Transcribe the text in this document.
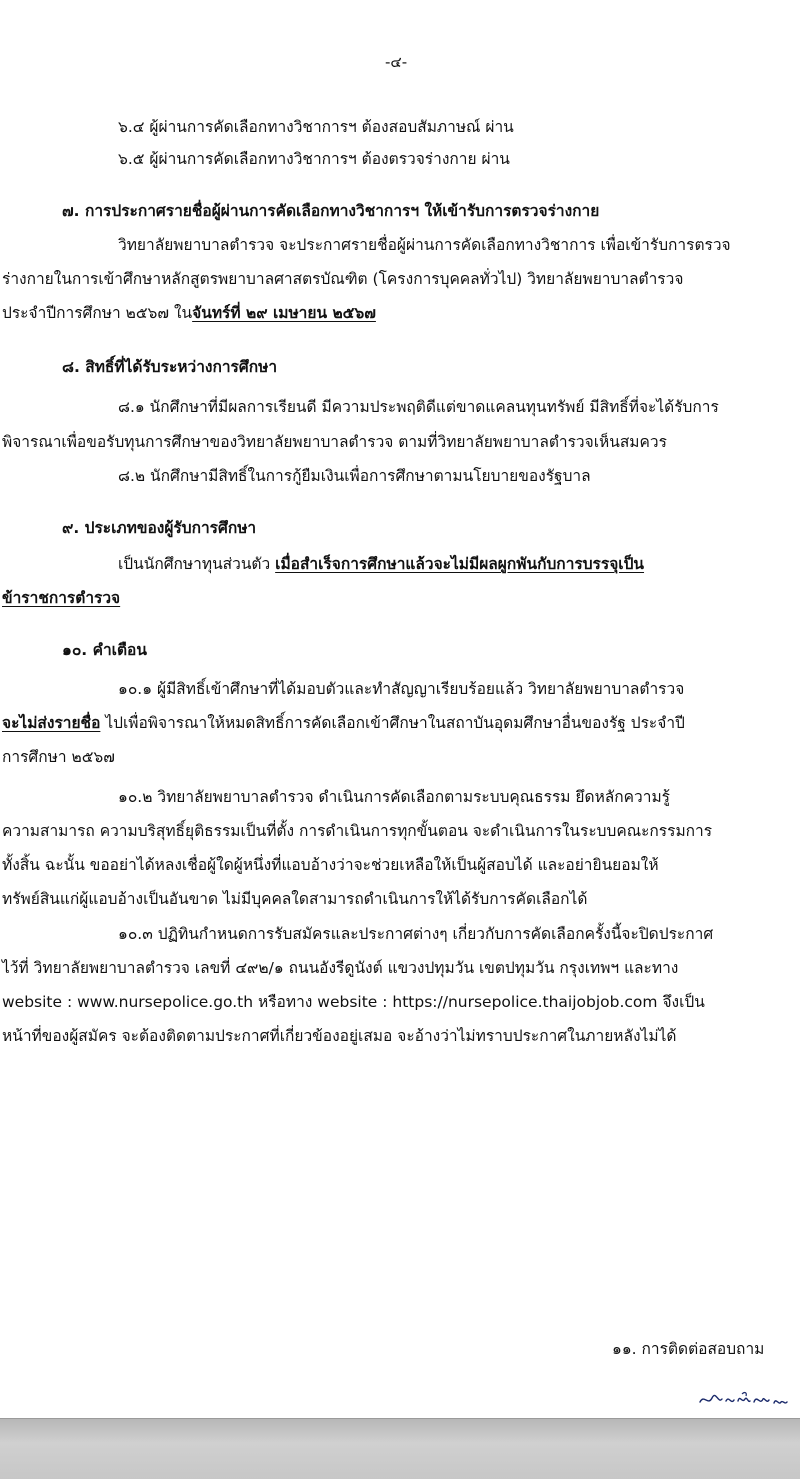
-๔-
๖.๔ ผู้ผ่านการคัดเลือกทางวิชาการฯ ต้องสอบสัมภาษณ์ ผ่าน
๖.๕ ผู้ผ่านการคัดเลือกทางวิชาการฯ ต้องตรวจร่างกาย ผ่าน
๗. การประกาศรายชื่อผู้ผ่านการคัดเลือกทางวิชาการฯ ให้เข้ารับการตรวจร่างกาย
วิทยาลัยพยาบาลตำรวจ จะประกาศรายชื่อผู้ผ่านการคัดเลือกทางวิชาการ เพื่อเข้ารับการตรวจ
ร่างกายในการเข้าศึกษาหลักสูตรพยาบาลศาสตรบัณฑิต (โครงการบุคคลทั่วไป) วิทยาลัยพยาบาลตำรวจ
ประจำปีการศึกษา ๒๕๖๗ ในจันทร์ที่ ๒๙ เมษายน ๒๕๖๗
๘. สิทธิ์ที่ได้รับระหว่างการศึกษา
๘.๑ นักศึกษาที่มีผลการเรียนดี มีความประพฤติดีแต่ขาดแคลนทุนทรัพย์ มีสิทธิ์ที่จะได้รับการ
พิจารณาเพื่อขอรับทุนการศึกษาของวิทยาลัยพยาบาลตำรวจ ตามที่วิทยาลัยพยาบาลตำรวจเห็นสมควร
๘.๒ นักศึกษามีสิทธิ์ในการกู้ยืมเงินเพื่อการศึกษาตามนโยบายของรัฐบาล
๙. ประเภทของผู้รับการศึกษา
เป็นนักศึกษาทุนส่วนตัว เมื่อสำเร็จการศึกษาแล้วจะไม่มีผลผูกพันกับการบรรจุเป็น
ข้าราชการตำรวจ
๑๐. คำเตือน
๑๐.๑ ผู้มีสิทธิ์เข้าศึกษาที่ได้มอบตัวและทำสัญญาเรียบร้อยแล้ว วิทยาลัยพยาบาลตำรวจ
จะไม่ส่งรายชื่อ ไปเพื่อพิจารณาให้หมดสิทธิ์การคัดเลือกเข้าศึกษาในสถาบันอุดมศึกษาอื่นของรัฐ ประจำปี
การศึกษา ๒๕๖๗
๑๐.๒ วิทยาลัยพยาบาลตำรวจ ดำเนินการคัดเลือกตามระบบคุณธรรม ยึดหลักความรู้
ความสามารถ ความบริสุทธิ์ยุติธรรมเป็นที่ตั้ง การดำเนินการทุกขั้นตอน จะดำเนินการในระบบคณะกรรมการ
ทั้งสิ้น ฉะนั้น ขออย่าได้หลงเชื่อผู้ใดผู้หนึ่งที่แอบอ้างว่าจะช่วยเหลือให้เป็นผู้สอบได้ และอย่ายินยอมให้
ทรัพย์สินแก่ผู้แอบอ้างเป็นอันขาด ไม่มีบุคคลใดสามารถดำเนินการให้ได้รับการคัดเลือกได้
๑๐.๓ ปฏิทินกำหนดการรับสมัครและประกาศต่างๆ เกี่ยวกับการคัดเลือกครั้งนี้จะปิดประกาศ
ไว้ที่ วิทยาลัยพยาบาลตำรวจ เลขที่ ๔๙๒/๑ ถนนอังรีดูนังต์ แขวงปทุมวัน เขตปทุมวัน กรุงเทพฯ และทาง
website : www.nursepolice.go.th หรือทาง website : https://nursepolice.thaijobjob.com จึงเป็น
หน้าที่ของผู้สมัคร จะต้องติดตามประกาศที่เกี่ยวข้องอยู่เสมอ จะอ้างว่าไม่ทราบประกาศในภายหลังไม่ได้
๑๑. การติดต่อสอบถาม
